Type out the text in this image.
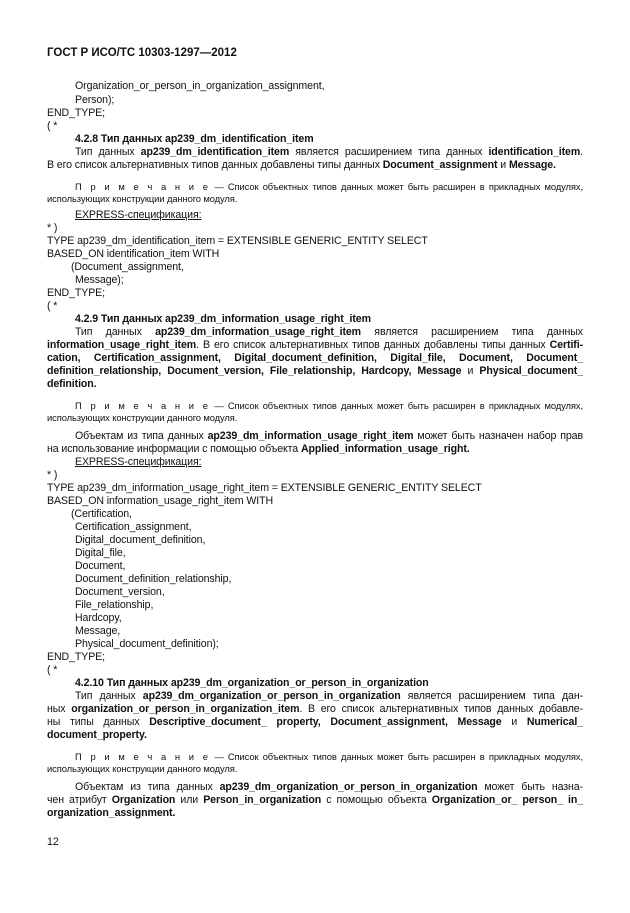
ГОСТ Р ИСО/ТС 10303-1297—2012
Organization_or_person_in_organization_assignment,
Person);
END_TYPE;
( *
4.2.8 Тип данных ap239_dm_identification_item
Тип данных ap239_dm_identification_item является расширением типа данных identification_item.
В его список альтернативных типов данных добавлены типы данных Document_assignment и Message.
П р и м е ч а н и е — Список объектных типов данных может быть расширен в прикладных модулях,
использующих конструкции данного модуля.
EXPRESS-спецификация:
* )
TYPE ap239_dm_identification_item = EXTENSIBLE GENERIC_ENTITY SELECT
BASED_ON identification_item WITH
(Document_assignment,
Message);
END_TYPE;
( *
4.2.9 Тип данных ap239_dm_information_usage_right_item
Тип данных ap239_dm_information_usage_right_item является расширением типа данных
information_usage_right_item. В его список альтернативных типов данных добавлены типы данных Certifi-
cation, Certification_assignment, Digital_document_definition, Digital_file, Document, Document_
definition_relationship, Document_version, File_relationship, Hardcopy, Message и Physical_document_
definition.
П р и м е ч а н и е — Список объектных типов данных может быть расширен в прикладных модулях,
использующих конструкции данного модуля.
Объектам из типа данных ap239_dm_information_usage_right_item может быть назначен набор прав
на использование информации с помощью объекта Applied_information_usage_right.
EXPRESS-спецификация:
* )
TYPE ap239_dm_information_usage_right_item = EXTENSIBLE GENERIC_ENTITY SELECT
BASED_ON information_usage_right_item WITH
(Certification,
Certification_assignment,
Digital_document_definition,
Digital_file,
Document,
Document_definition_relationship,
Document_version,
File_relationship,
Hardcopy,
Message,
Physical_document_definition);
END_TYPE;
( *
4.2.10 Тип данных ap239_dm_organization_or_person_in_organization
Тип данных ap239_dm_organization_or_person_in_organization является расширением типа дан-
ных organization_or_person_in_organization_item. В его список альтернативных типов данных добавле-
ны типы данных Descriptive_document_ property, Document_assignment, Message и Numerical_
document_property.
П р и м е ч а н и е — Список объектных типов данных может быть расширен в прикладных модулях,
использующих конструкции данного модуля.
Объектам из типа данных ap239_dm_organization_or_person_in_organization может быть назна-
чен атрибут Organization или Person_in_organization с помощью объекта Organization_or_ person_ in_
organization_assignment.
12
